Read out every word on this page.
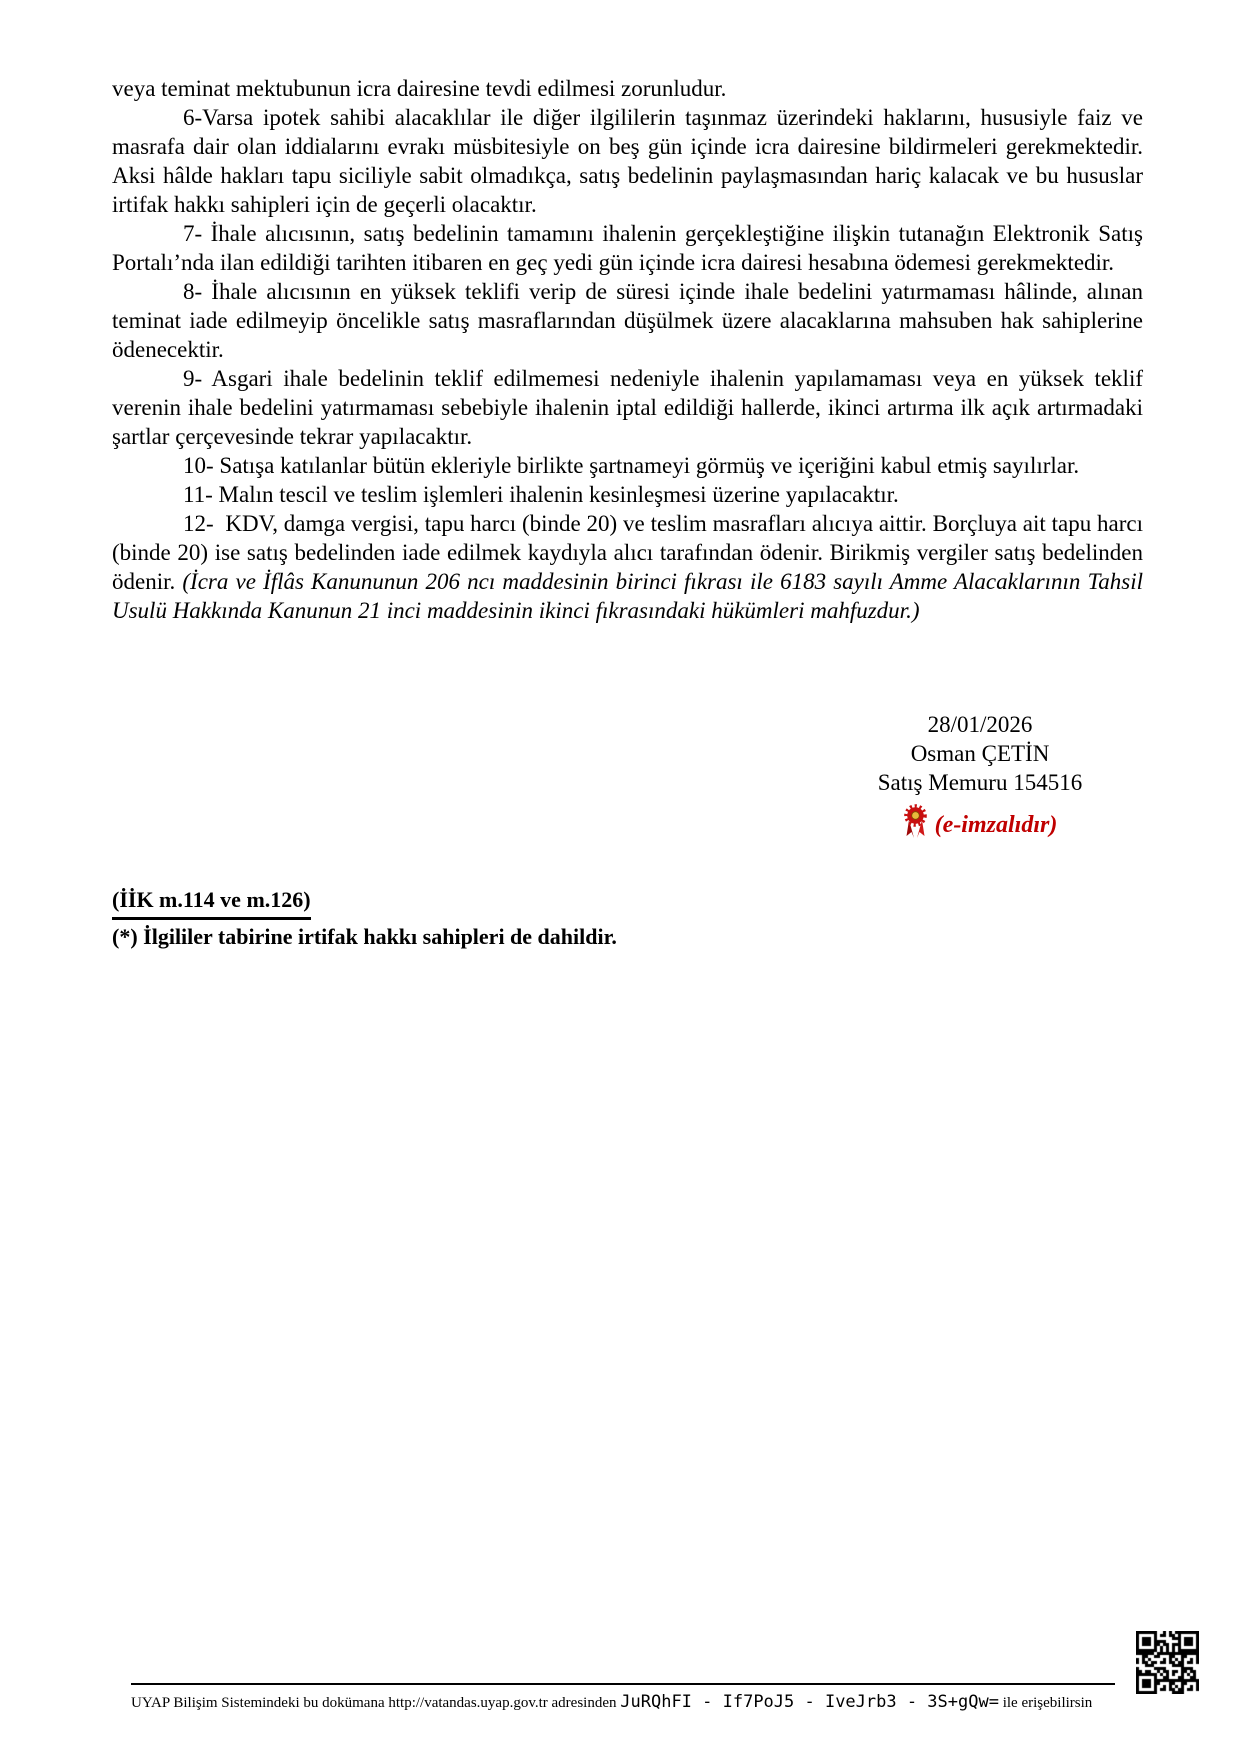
veya teminat mektubunun icra dairesine tevdi edilmesi zorunludur.

6-Varsa ipotek sahibi alacaklılar ile diğer ilgililerin taşınmaz üzerindeki haklarını, hususiyle faiz ve masrafa dair olan iddialarını evrakı müsbitesiyle on beş gün içinde icra dairesine bildirmeleri gerekmektedir. Aksi hâlde hakları tapu siciliyle sabit olmadıkça, satış bedelinin paylaşmasından hariç kalacak ve bu hususlar irtifak hakkı sahipleri için de geçerli olacaktır.

7- İhale alıcısının, satış bedelinin tamamını ihalenin gerçekleştiğine ilişkin tutanağın Elektronik Satış Portalı’nda ilan edildiği tarihten itibaren en geç yedi gün içinde icra dairesi hesabına ödemesi gerekmektedir.

8- İhale alıcısının en yüksek teklifi verip de süresi içinde ihale bedelini yatırmaması hâlinde, alınan teminat iade edilmeyip öncelikle satış masraflarından düşülmek üzere alacaklarına mahsuben hak sahiplerine ödenecektir.

9- Asgari ihale bedelinin teklif edilmemesi nedeniyle ihalenin yapılamaması veya en yüksek teklif verenin ihale bedelini yatırmaması sebebiyle ihalenin iptal edildiği hallerde, ikinci artırma ilk açık artırmadaki şartlar çerçevesinde tekrar yapılacaktır.

10- Satışa katılanlar bütün ekleriyle birlikte şartnameyi görmüş ve içeriğini kabul etmiş sayılırlar.

11- Malın tescil ve teslim işlemleri ihalenin kesinleşmesi üzerine yapılacaktır.

12-  KDV, damga vergisi, tapu harcı (binde 20) ve teslim masrafları alıcıya aittir. Borçluya ait tapu harcı (binde 20) ise satış bedelinden iade edilmek kaydıyla alıcı tarafından ödenir. Birikmiş vergiler satış bedelinden ödenir. (İcra ve İflâs Kanununun 206 ncı maddesinin birinci fıkrası ile 6183 sayılı Amme Alacaklarının Tahsil Usulü Hakkında Kanunun 21 inci maddesinin ikinci fıkrasındaki hükümleri mahfuzdur.)

28/01/2026
Osman ÇETİN
Satış Memuru 154516
(e-imzalıdır)
(İİK m.114 ve m.126)
(*) İlgililer tabirine irtifak hakkı sahipleri de dahildir.
UYAP Bilişim Sistemindeki bu dokümana http://vatandas.uyap.gov.tr adresinden JuRQhFI - If7PoJ5 - IveJrb3 - 3S+gQw= ile erişebilirsin
